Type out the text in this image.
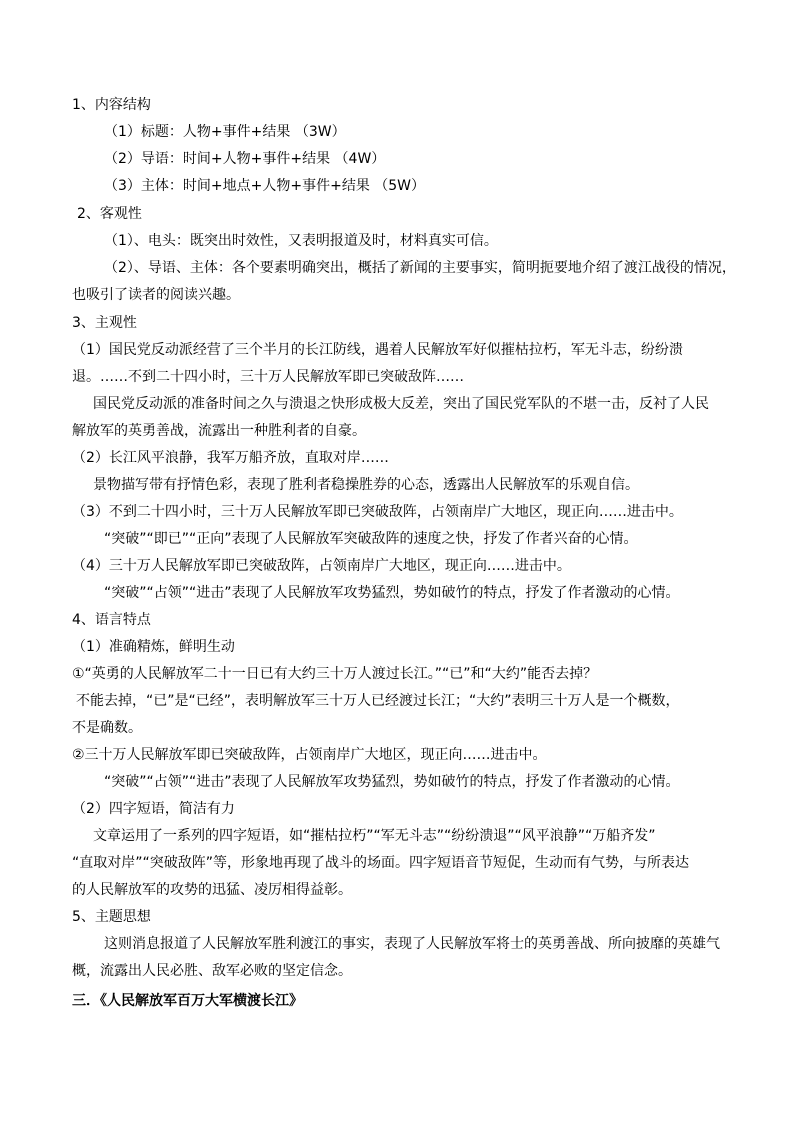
1、内容结构
（1）标题：人物+事件+结果 （3W）
（2）导语：时间+人物+事件+结果 （4W）
（3）主体：时间+地点+人物+事件+结果 （5W）
2、客观性
（1）、电头：既突出时效性，又表明报道及时，材料真实可信。
（2）、导语、主体：各个要素明确突出，概括了新闻的主要事实，简明扼要地介绍了渡江战役的情况，
也吸引了读者的阅读兴趣。
3、主观性
（1）国民党反动派经营了三个半月的长江防线，遇着人民解放军好似摧枯拉朽，军无斗志，纷纷溃
退。……不到二十四小时，三十万人民解放军即已突破敌阵……
国民党反动派的准备时间之久与溃退之快形成极大反差，突出了国民党军队的不堪一击，反衬了人民
解放军的英勇善战，流露出一种胜利者的自豪。
（2）长江风平浪静，我军万船齐放，直取对岸……
景物描写带有抒情色彩，表现了胜利者稳操胜券的心态，透露出人民解放军的乐观自信。
（3）不到二十四小时，三十万人民解放军即已突破敌阵，占领南岸广大地区，现正向……进击中。
“突破”“即已”“正向”表现了人民解放军突破敌阵的速度之快，抒发了作者兴奋的心情。
（4）三十万人民解放军即已突破敌阵，占领南岸广大地区，现正向……进击中。
“突破”“占领”“进击”表现了人民解放军攻势猛烈，势如破竹的特点，抒发了作者激动的心情。
4、语言特点
（1）准确精炼，鲜明生动
①“英勇的人民解放军二十一日已有大约三十万人渡过长江。”“已”和“大约”能否去掉？
不能去掉，“已”是“已经”，表明解放军三十万人已经渡过长江；“大约”表明三十万人是一个概数，
不是确数。
②三十万人民解放军即已突破敌阵，占领南岸广大地区，现正向……进击中。
“突破”“占领”“进击”表现了人民解放军攻势猛烈，势如破竹的特点，抒发了作者激动的心情。
（2）四字短语，简洁有力
文章运用了一系列的四字短语，如“摧枯拉朽”“军无斗志”“纷纷溃退”“风平浪静”“万船齐发”
“直取对岸”“突破敌阵”等，形象地再现了战斗的场面。四字短语音节短促，生动而有气势，与所表达
的人民解放军的攻势的迅猛、凌厉相得益彰。
5、主题思想
这则消息报道了人民解放军胜利渡江的事实，表现了人民解放军将士的英勇善战、所向披靡的英雄气
概，流露出人民必胜、敌军必败的坚定信念。
三．《人民解放军百万大军横渡长江》
